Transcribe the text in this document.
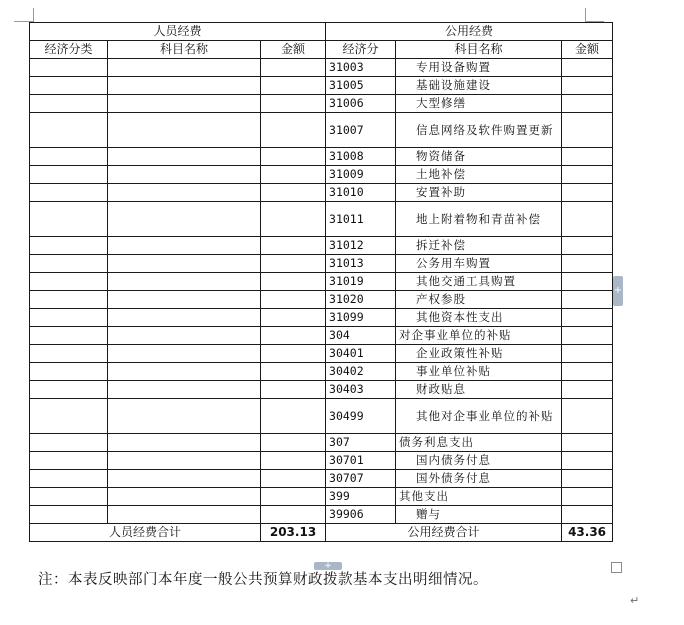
人员经费			公用经费		
经济分类	科目名称	金额	经济分	科目名称	金额
			31003	专用设备购置	
			31005	基础设施建设	
			31006	大型修缮	
			31007	信息网络及软件购置更新	
			31008	物资储备	
			31009	土地补偿	
			31010	安置补助	
			31011	地上附着物和青苗补偿	
			31012	拆迁补偿	
			31013	公务用车购置	
			31019	其他交通工具购置	
			31020	产权参股	
			31099	其他资本性支出	
			304	对企事业单位的补贴	
			30401	企业政策性补贴	
			30402	事业单位补贴	
			30403	财政贴息	
			30499	其他对企事业单位的补贴	
			307	债务利息支出	
			30701	国内债务付息	
			30707	国外债务付息	
			399	其他支出	
			39906	赠与	
人员经费合计		203.13	公用经费合计		43.36
+
+
注：本表反映部门本年度一般公共预算财政拨款基本支出明细情况。
↵
